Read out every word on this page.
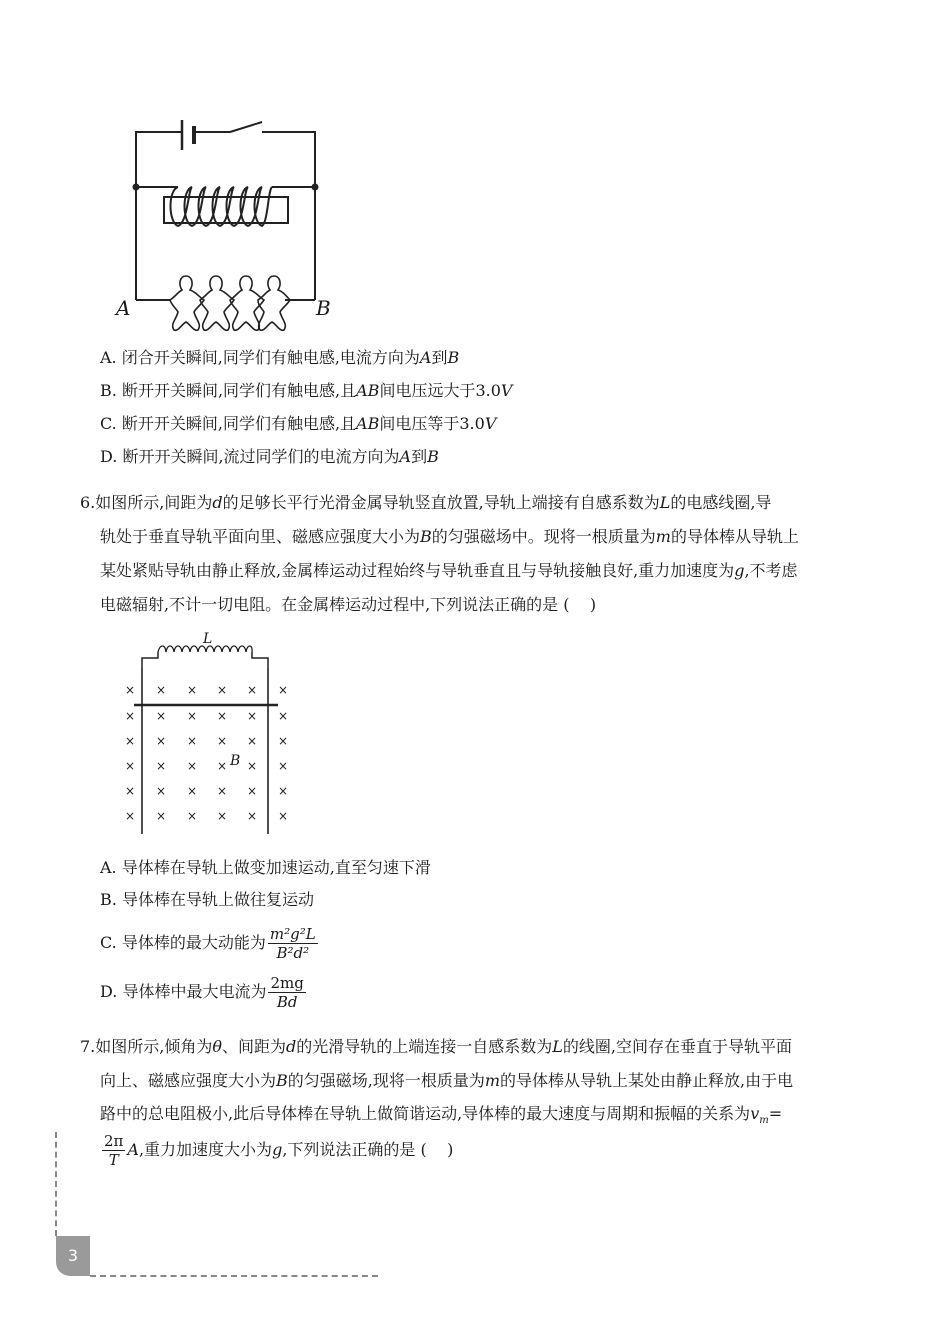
A	B
A. 闭合开关瞬间,同学们有触电感,电流方向为A到B
B. 断开开关瞬间,同学们有触电感,且AB间电压远大于3.0V
C. 断开开关瞬间,同学们有触电感,且AB间电压等于3.0V
D. 断开开关瞬间,流过同学们的电流方向为A到B
6.如图所示,间距为d的足够长平行光滑金属导轨竖直放置,导轨上端接有自感系数为L的电感线圈,导
轨处于垂直导轨平面向里、磁感应强度大小为B的匀强磁场中。现将一根质量为m的导体棒从导轨上
某处紧贴导轨由静止释放,金属棒运动过程始终与导轨垂直且与导轨接触良好,重力加速度为g,不考虑
电磁辐射,不计一切电阻。在金属棒运动过程中,下列说法正确的是 (    )
× × × × × ×
× × × × × ×
× × × × × ×
× × × × × ×
× × × × × ×
× × × × × ×
L
B
A. 导体棒在导轨上做变加速运动,直至匀速下滑
B. 导体棒在导轨上做往复运动
C. 导体棒的最大动能为 $\frac{\text{m²g²L}}{\text{B²d²}}$
D. 导体棒中最大电流为 $\frac{2mg}{Bd}$
7.如图所示,倾角为θ、间距为d的光滑导轨的上端连接一自感系数为L的线圈,空间存在垂直于导轨平面
向上、磁感应强度大小为B的匀强磁场,现将一根质量为m的导体棒从导轨上某处由静止释放,由于电
路中的总电阻极小,此后导体棒在导轨上做简谐运动,导体棒的最大速度与周期和振幅的关系为$v_m=$
$\frac{2\pi}{T} A$,重力加速度大小为g,下列说法正确的是 (    )
3
